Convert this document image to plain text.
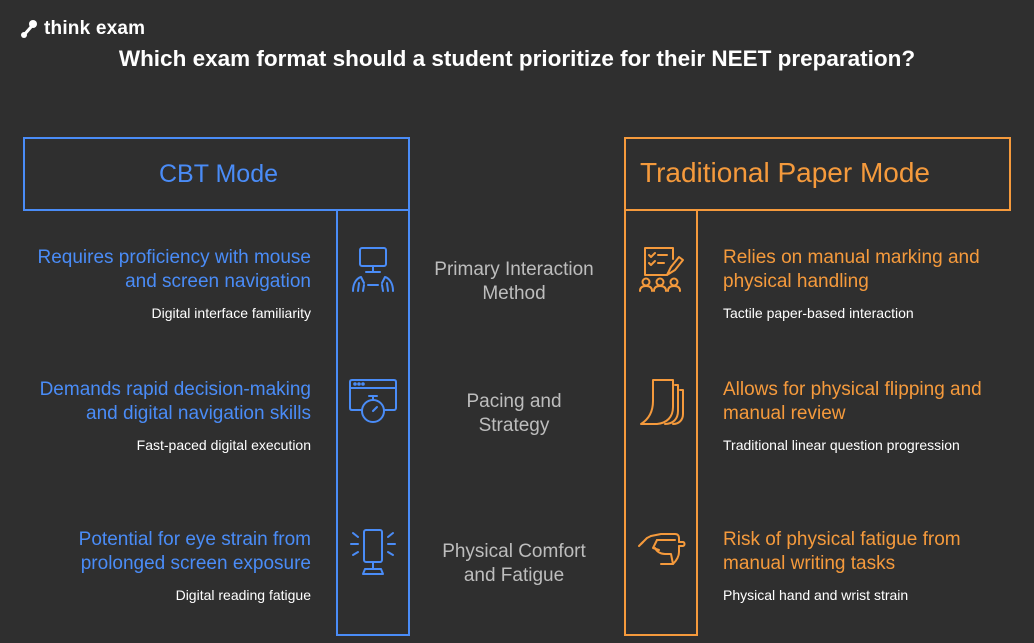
think exam
Which exam format should a student prioritize for their NEET preparation?
CBT Mode	Traditional Paper Mode
Requires proficiency with mouse and screen navigation
Digital interface familiarity
Demands rapid decision-making and digital navigation skills
Fast-paced digital execution
Potential for eye strain from prolonged screen exposure
Digital reading fatigue
Primary Interaction Method
Pacing and Strategy
Physical Comfort and Fatigue
Relies on manual marking and physical handling
Tactile paper-based interaction
Allows for physical flipping and manual review
Traditional linear question progression
Risk of physical fatigue from manual writing tasks
Physical hand and wrist strain
